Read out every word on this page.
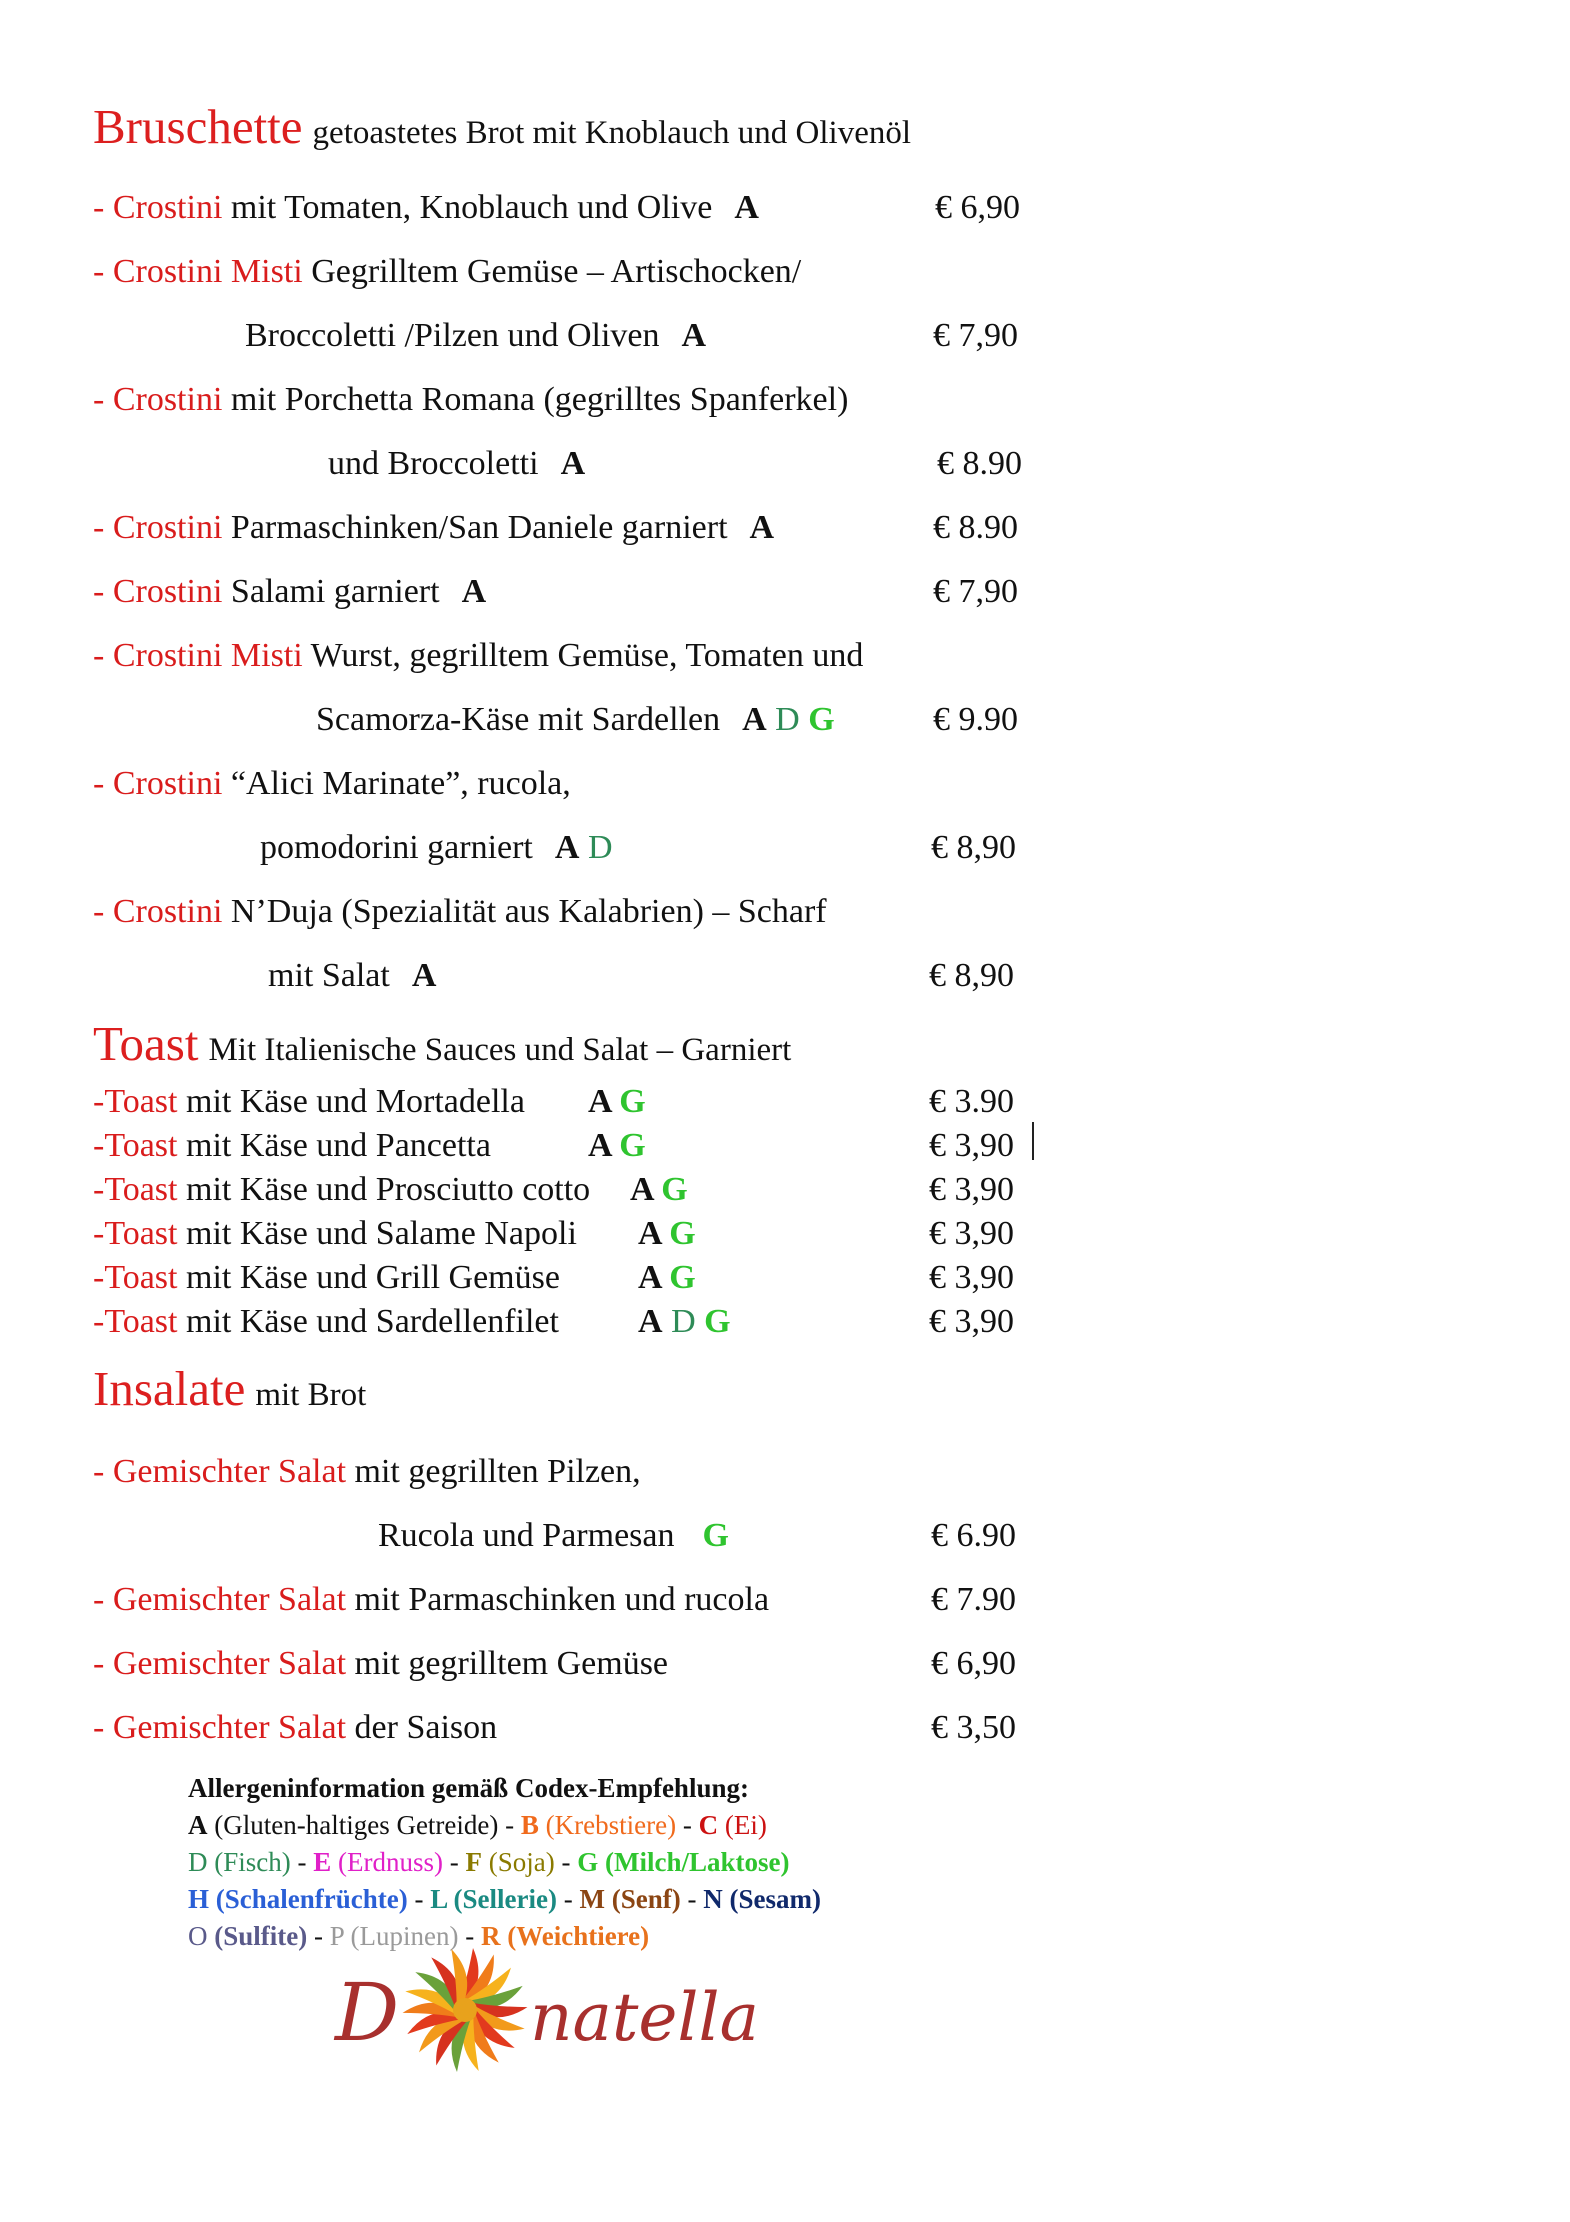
Bruschette getoastetes Brot mit Knoblauch und Olivenöl
- Crostini mit Tomaten, Knoblauch und Olive A	€ 6,90
- Crostini Misti Gegrilltem Gemüse – Artischocken/
Broccoletti /Pilzen und Oliven A	€ 7,90
- Crostini mit Porchetta Romana (gegrilltes Spanferkel)
und Broccoletti A	€ 8.90
- Crostini Parmaschinken/San Daniele garniert A	€ 8.90
- Crostini Salami garniert A	€ 7,90
- Crostini Misti Wurst, gegrilltem Gemüse, Tomaten und
Scamorza-Käse mit Sardellen A D G	€ 9.90
- Crostini “Alici Marinate”, rucola,
pomodorini garniert A D	€ 8,90
- Crostini N’Duja (Spezialität aus Kalabrien) – Scharf
mit Salat A	€ 8,90
Toast Mit Italienische Sauces und Salat – Garniert
-Toast mit Käse und Mortadella A G	€ 3.90
-Toast mit Käse und Pancetta	A G	€ 3,90
-Toast mit Käse und Prosciutto cotto A G	€ 3,90
-Toast mit Käse und Salame Napoli A G	€ 3,90
-Toast mit Käse und Grill Gemüse A G	€ 3,90
-Toast mit Käse und Sardellenfilet A D G	€ 3,90
Insalate mit Brot
- Gemischter Salat mit gegrillten Pilzen,
Rucola und Parmesan G	€ 6.90
- Gemischter Salat mit Parmaschinken und rucola	€ 7.90
- Gemischter Salat mit gegrilltem Gemüse	€ 6,90
- Gemischter Salat der Saison	€ 3,50
Allergeninformation gemäß Codex-Empfehlung:
A (Gluten-haltiges Getreide) - B (Krebstiere) - C (Ei)
D (Fisch) - E (Erdnuss) - F (Soja) - G (Milch/Laktose)
H (Schalenfrüchte) - L (Sellerie) - M (Senf) - N (Sesam)
O (Sulfite) - P (Lupinen) - R (Weichtiere)
D natella
